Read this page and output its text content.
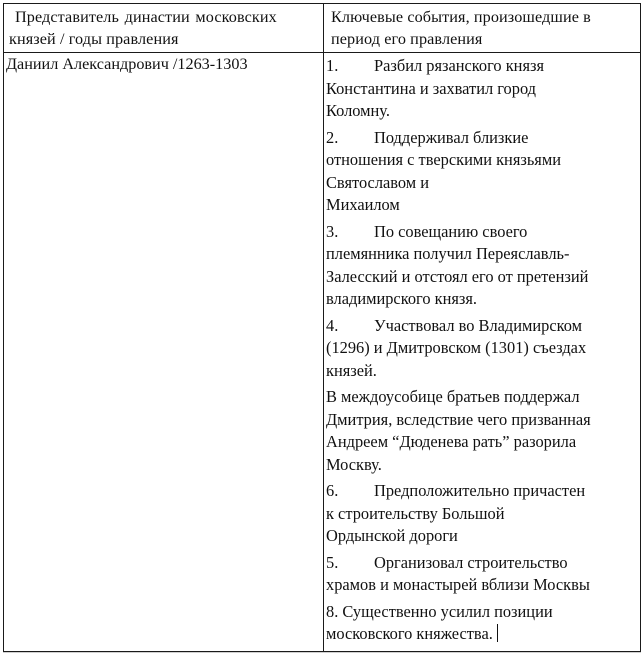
Представитель династии московских
князей / годы правления
Ключевые события, произошедшие в
период его правления
Даниил Александрович /1263-1303	1. Разбил рязанского князя
Константина и захватил город
Коломну.
2. Поддерживал близкие
отношения с тверскими князьями
Святославом и
Михаилом
3. По совещанию своего
племянника получил Переяславль-
Залесский и отстоял его от претензий
владимирского князя.
4. Участвовал во Владимирском
(1296) и Дмитровском (1301) съездах
князей.
В междоусобице братьев поддержал
Дмитрия, вследствие чего призванная
Андреем “Дюденева рать” разорила
Москву.
6. Предположительно причастен
к строительству Большой
Ордынской дороги
5. Организовал строительство
храмов и монастырей вблизи Москвы
8. Существенно усилил позиции
московского княжества.
